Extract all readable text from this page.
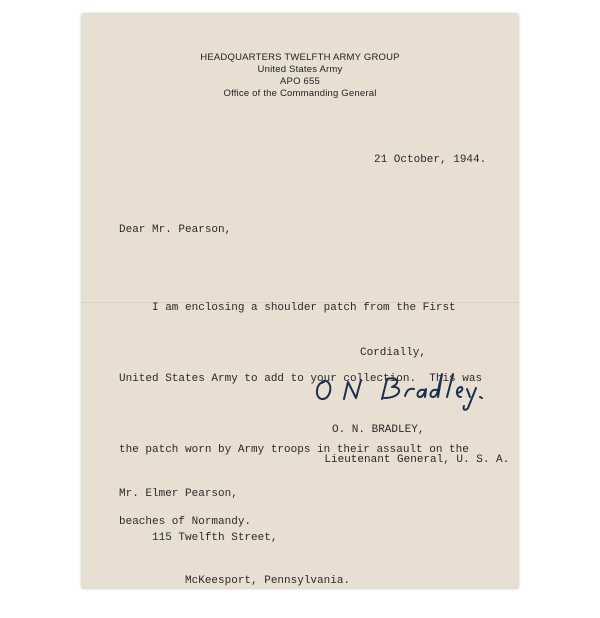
HEADQUARTERS TWELFTH ARMY GROUP
United States Army
APO 655
Office of the Commanding General
21 October, 1944.
Dear Mr. Pearson,

I am enclosing a shoulder patch from the First

United States Army to add to your collection.  This was

the patch worn by Army troops in their assault on the

beaches of Normandy.

Cordially,

O. N. BRADLEY,

Lieutenant General, U. S. A.

Mr. Elmer Pearson,

115 Twelfth Street,

McKeesport, Pennsylvania.
